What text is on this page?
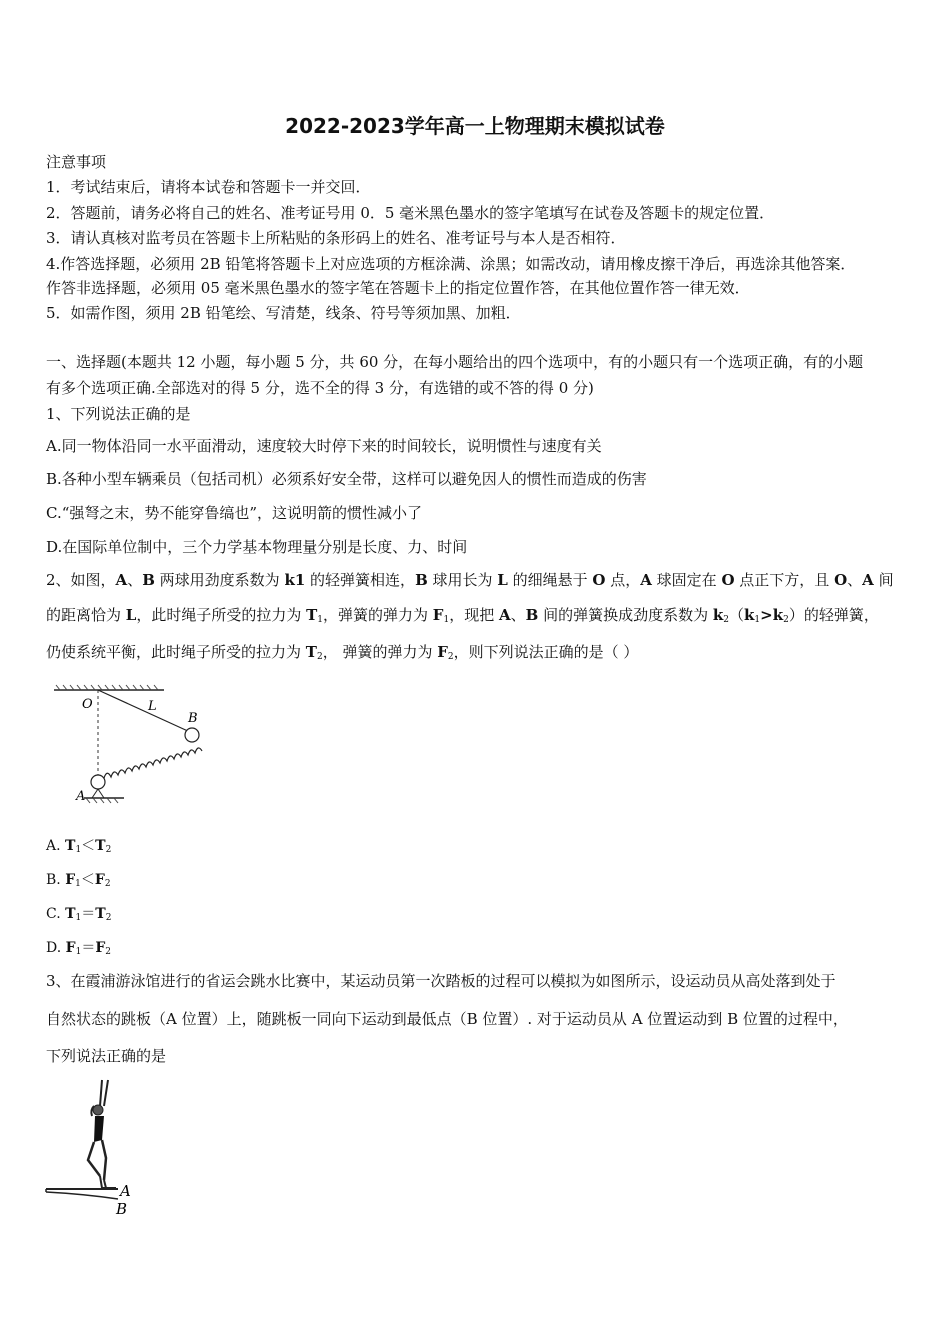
2022-2023学年高一上物理期末模拟试卷
注意事项
1．考试结束后，请将本试卷和答题卡一并交回．
2．答题前，请务必将自己的姓名、准考证号用 0．5 毫米黑色墨水的签字笔填写在试卷及答题卡的规定位置．
3．请认真核对监考员在答题卡上所粘贴的条形码上的姓名、准考证号与本人是否相符．
4.作答选择题，必须用 2B 铅笔将答题卡上对应选项的方框涂满、涂黑；如需改动，请用橡皮擦干净后，再选涂其他答案．
作答非选择题，必须用 05 毫米黑色墨水的签字笔在答题卡上的指定位置作答，在其他位置作答一律无效．
5．如需作图，须用 2B 铅笔绘、写清楚，线条、符号等须加黑、加粗．
一、选择题(本题共 12 小题，每小题 5 分，共 60 分，在每小题给出的四个选项中，有的小题只有一个选项正确，有的小题
有多个选项正确.全部选对的得 5 分，选不全的得 3 分，有选错的或不答的得 0 分)
1、下列说法正确的是
A.同一物体沿同一水平面滑动，速度较大时停下来的时间较长，说明惯性与速度有关
B.各种小型车辆乘员（包括司机）必须系好安全带，这样可以避免因人的惯性而造成的伤害
C.“强弩之末，势不能穿鲁缟也”，这说明箭的惯性减小了
D.在国际单位制中，三个力学基本物理量分别是长度、力、时间
2、如图，A、B 两球用劲度系数为 k1 的轻弹簧相连，B 球用长为 L 的细绳悬于 O 点，A 球固定在 O 点正下方，且 O、A 间
的距离恰为 L，此时绳子所受的拉力为 $T_1$，弹簧的弹力为 $F_1$，现把 A、B 间的弹簧换成劲度系数为 $k_2(k_1>k_2)$的轻弹簧，
仍使系统平衡，此时绳子所受的拉力为 $T_2$， 弹簧的弹力为 $F_2$，则下列说法正确的是（ ）
O	L
B
A
A. $T_1<T_2$
B. $F_1<F_2$
C. $T_1=T_2$
D. $F_1=F_2$
3、在霞浦游泳馆进行的省运会跳水比赛中，某运动员第一次踏板的过程可以模拟为如图所示，设运动员从高处落到处于
自然状态的跳板（A 位置）上，随跳板一同向下运动到最低点（B 位置）. 对于运动员从 A 位置运动到 B 位置的过程中，
下列说法正确的是
A
B
